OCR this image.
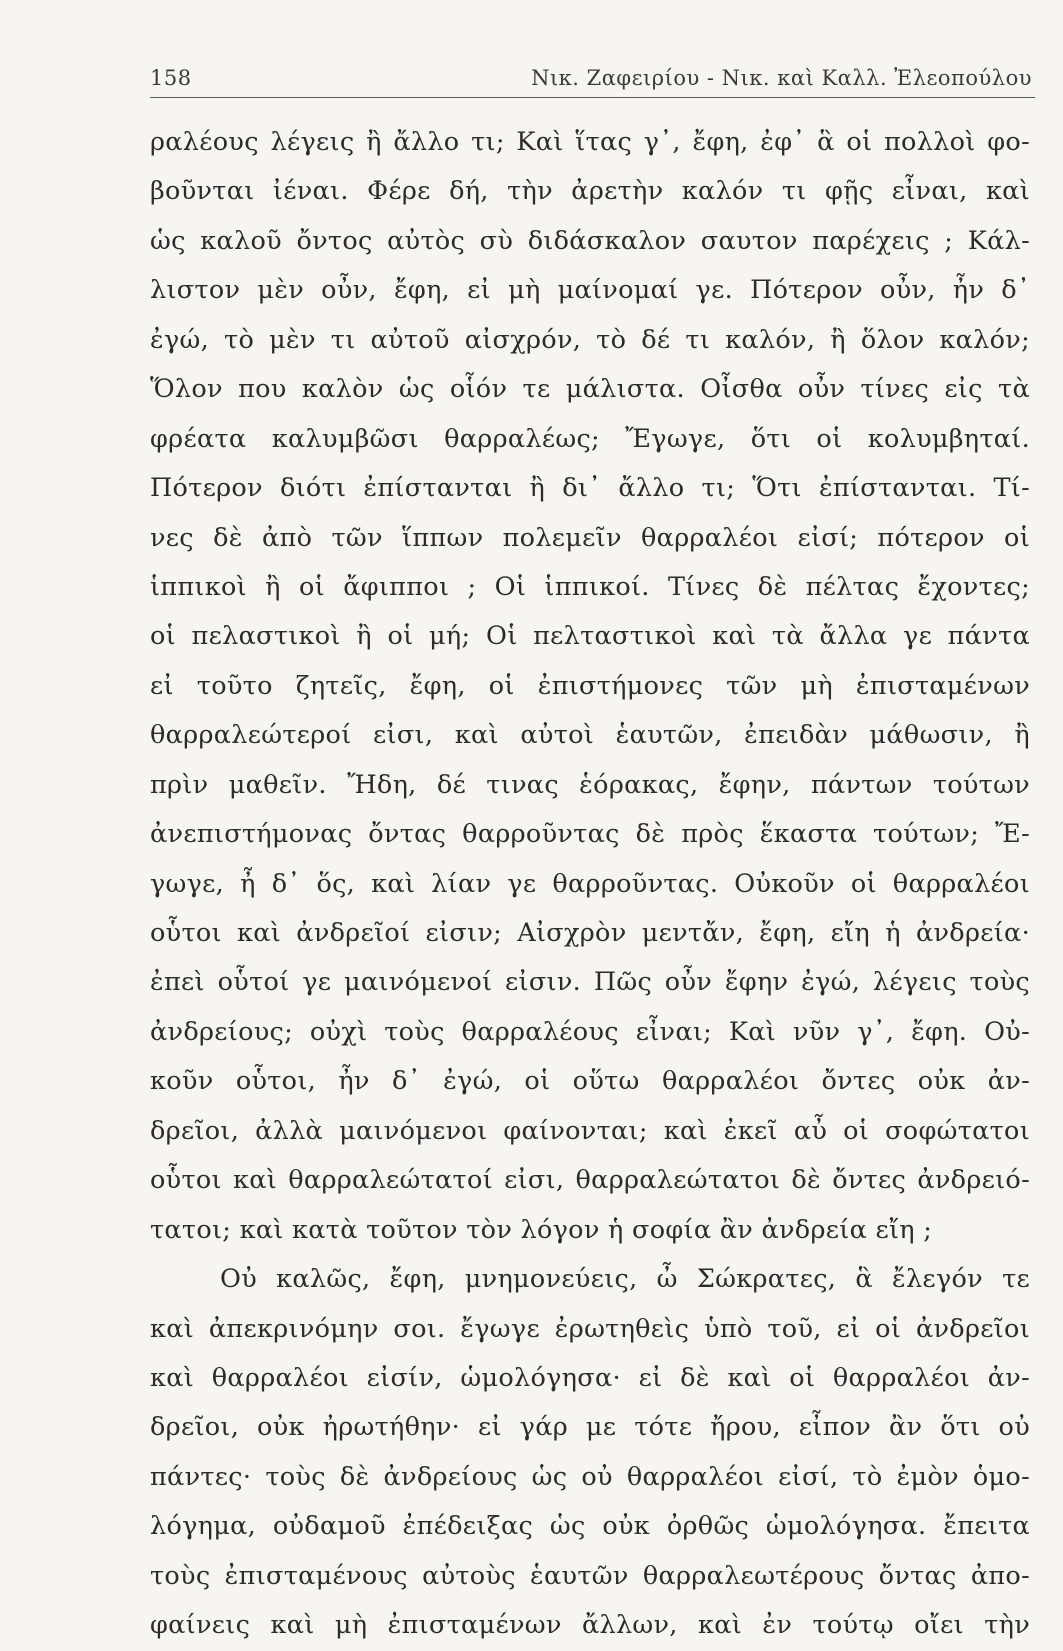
158	Νικ. Ζαφειρίου - Νικ. καὶ Καλλ. Ἐλεοπούλου
ραλέους λέγεις ἢ ἄλλο τι; Καὶ ἵτας γ᾿, ἔφη, ἐφ᾿ ἃ οἱ πολλοὶ φο-
βοῦνται ἰέναι. Φέρε δή, τὴν ἀρετὴν καλόν τι φῇς εἶναι, καὶ
ὡς καλοῦ ὄντος αὐτὸς σὺ διδάσκαλον σαυτον παρέχεις ; Κάλ-
λιστον μὲν οὖν, ἔφη, εἰ μὴ μαίνομαί γε. Πότερον οὖν, ἦν δ᾿
ἐγώ, τὸ μὲν τι αὐτοῦ αἰσχρόν, τὸ δέ τι καλόν, ἢ ὅλον καλόν;
Ὅλον που καλὸν ὡς οἷόν τε μάλιστα. Οἶσθα οὖν τίνες εἰς τὰ
φρέατα καλυμβῶσι θαρραλέως; Ἔγωγε, ὅτι οἱ κολυμβηταί.
Πότερον διότι ἐπίστανται ἢ δι᾿ ἄλλο τι; Ὅτι ἐπίστανται. Τί-
νες δὲ ἀπὸ τῶν ἵππων πολεμεῖν θαρραλέοι εἰσί; πότερον οἱ
ἱππικοὶ ἢ οἱ ἄφιπποι ; Οἱ ἱππικοί. Τίνες δὲ πέλτας ἔχοντες;
οἱ πελαστικοὶ ἢ οἱ μή; Οἱ πελταστικοὶ καὶ τὰ ἄλλα γε πάντα
εἰ τοῦτο ζητεῖς, ἔφη, οἱ ἐπιστήμονες τῶν μὴ ἐπισταμένων
θαρραλεώτεροί εἰσι, καὶ αὐτοὶ ἑαυτῶν, ἐπειδὰν μάθωσιν, ἢ
πρὶν μαθεῖν. Ἤδη, δέ τινας ἑόρακας, ἔφην, πάντων τούτων
ἀνεπιστήμονας ὄντας θαρροῦντας δὲ πρὸς ἕκαστα τούτων; Ἔ-
γωγε, ἦ δ᾿ ὅς, καὶ λίαν γε θαρροῦντας. Οὐκοῦν οἱ θαρραλέοι
οὗτοι καὶ ἀνδρεῖοί εἰσιν; Αἰσχρὸν μεντἄν, ἔφη, εἴη ἡ ἀνδρεία·
ἐπεὶ οὗτοί γε μαινόμενοί εἰσιν. Πῶς οὖν ἔφην ἐγώ, λέγεις τοὺς
ἀνδρείους; οὐχὶ τοὺς θαρραλέους εἶναι; Καὶ νῦν γ᾿, ἔφη. Οὐ-
κοῦν οὗτοι, ἦν δ᾿ ἐγώ, οἱ οὕτω θαρραλέοι ὄντες οὐκ ἀν-
δρεῖοι, ἀλλὰ μαινόμενοι φαίνονται; καὶ ἐκεῖ αὖ οἱ σοφώτατοι
οὗτοι καὶ θαρραλεώτατοί εἰσι, θαρραλεώτατοι δὲ ὄντες ἀνδρειό-
τατοι; καὶ κατὰ τοῦτον τὸν λόγον ἡ σοφία ἂν ἀνδρεία εἴη ;
Οὐ καλῶς, ἔφη, μνημονεύεις, ὦ Σώκρατες, ἃ ἔλεγόν τε
καὶ ἀπεκρινόμην σοι. ἔγωγε ἐρωτηθεὶς ὑπὸ τοῦ, εἰ οἱ ἀνδρεῖοι
καὶ θαρραλέοι εἰσίν, ὡμολόγησα· εἰ δὲ καὶ οἱ θαρραλέοι ἀν-
δρεῖοι, οὐκ ἠρωτήθην· εἰ γάρ με τότε ἤρου, εἶπον ἂν ὅτι οὐ
πάντες· τοὺς δὲ ἀνδρείους ὡς οὐ θαρραλέοι εἰσί, τὸ ἐμὸν ὁμο-
λόγημα, οὐδαμοῦ ἐπέδειξας ὡς οὐκ ὀρθῶς ὡμολόγησα. ἔπειτα
τοὺς ἐπισταμένους αὐτοὺς ἑαυτῶν θαρραλεωτέρους ὄντας ἀπο-
φαίνεις καὶ μὴ ἐπισταμένων ἄλλων, καὶ ἐν τούτῳ οἴει τὴν
